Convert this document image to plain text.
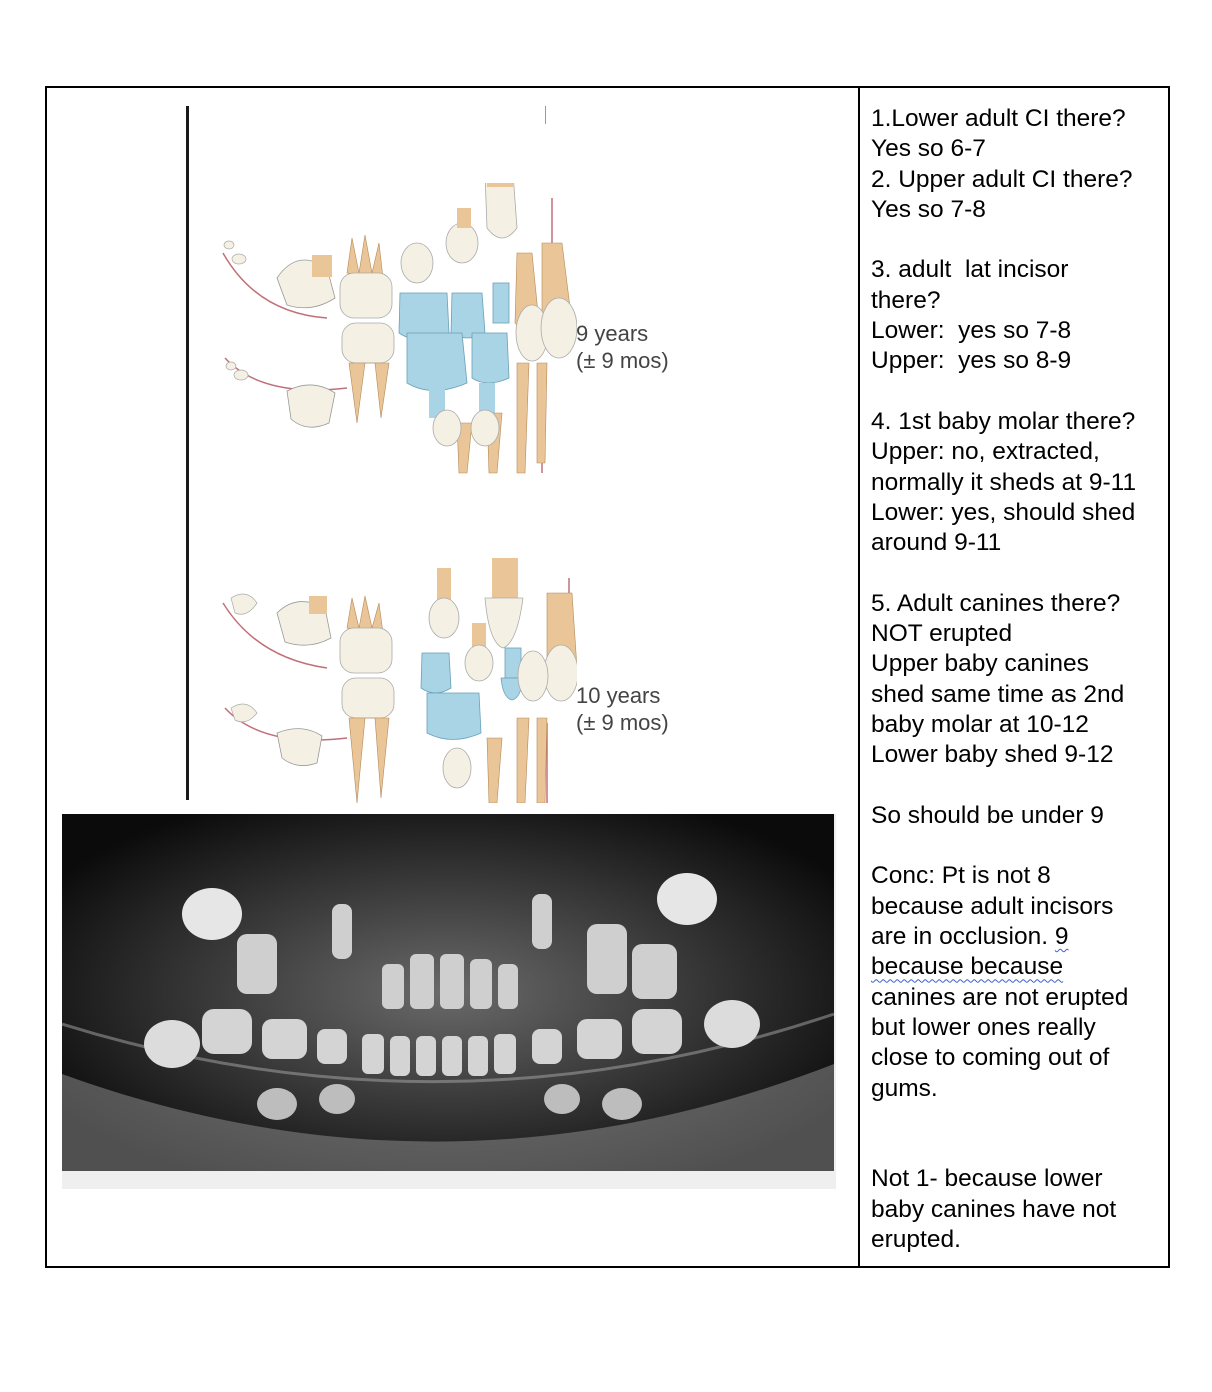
9 years
(± 9 mos)
10 years
(± 9 mos)

1.Lower adult CI there?

Yes so 6-7

2. Upper adult CI there?

Yes so 7-8

3. adult  lat incisor

there?

Lower:  yes so 7-8

Upper:  yes so 8-9

4. 1st baby molar there?

Upper: no, extracted,

normally it sheds at 9-11

Lower: yes, should shed

around 9-11

5. Adult canines there?

NOT erupted

Upper baby canines

shed same time as 2nd

baby molar at 10-12

Lower baby shed 9-12

So should be under 9

Conc: Pt is not 8

because adult incisors

are in occlusion. 9

because because

canines are not erupted

but lower ones really

close to coming out of

gums.

Not 1- because lower

baby canines have not

erupted.
